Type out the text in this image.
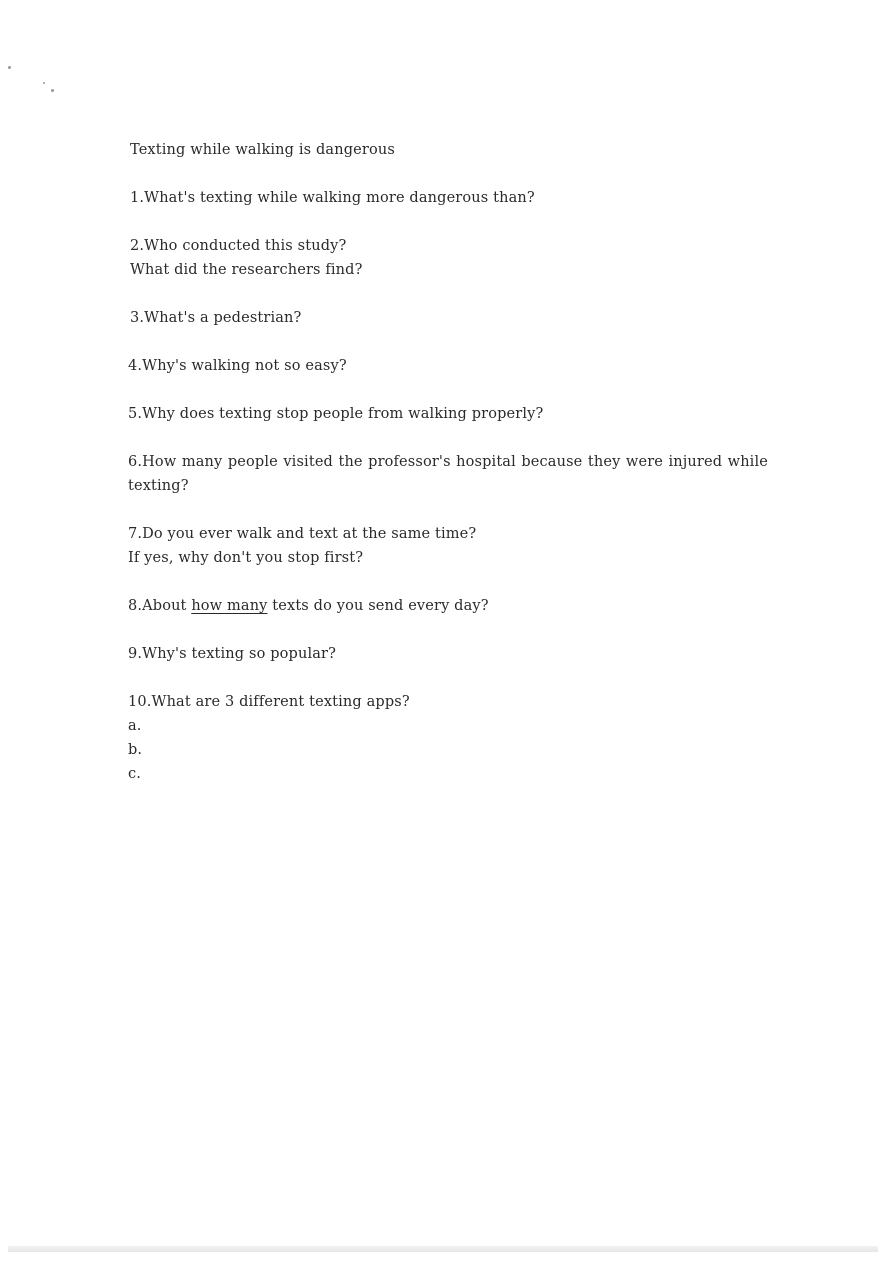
Texting while walking is dangerous

1.What's texting while walking more dangerous than?

2.Who conducted this study?

What did the researchers find?

3.What's a pedestrian?

4.Why's walking not so easy?

5.Why does texting stop people from walking properly?

6.How many people visited the professor's hospital because they were injured while texting?

7.Do you ever walk and text at the same time?

If yes, why don't you stop first?

8.About how many texts do you send every day?

9.Why's texting so popular?

10.What are 3 different texting apps?

a.

b.

c.
